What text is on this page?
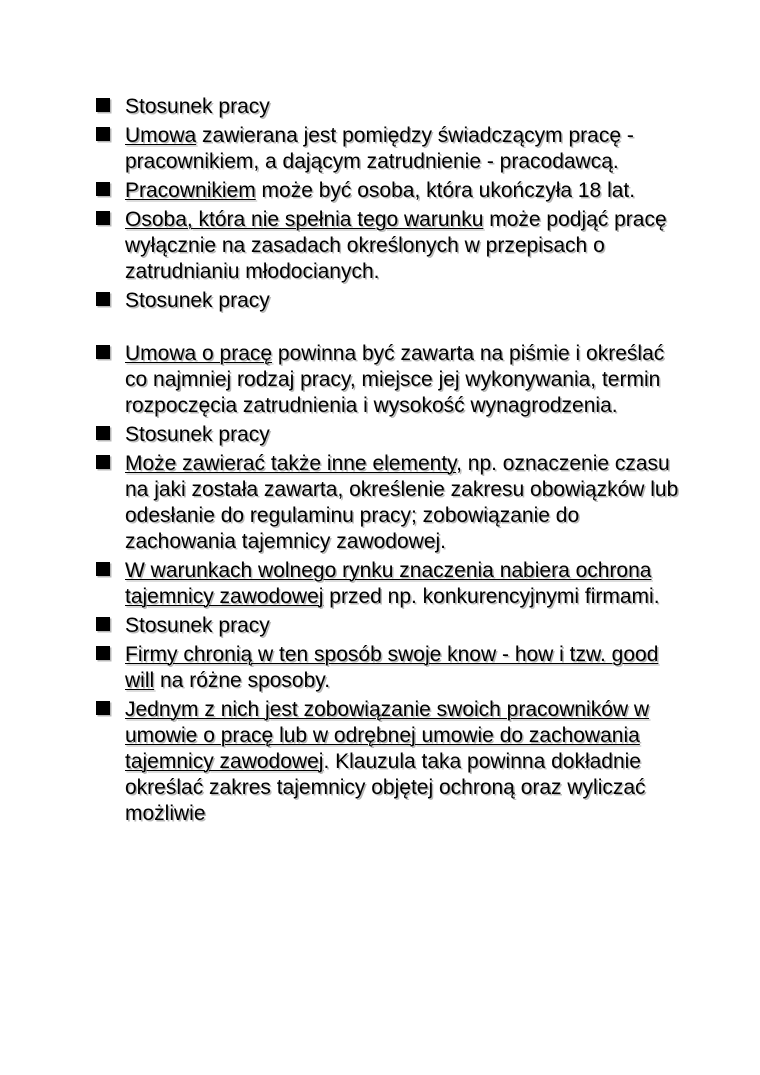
Stosunek pracy
Umowa zawierana jest pomiędzy świadczącym pracę - pracownikiem, a dającym zatrudnienie - pracodawcą.
Pracownikiem może być osoba, która ukończyła 18 lat.
Osoba, która nie spełnia tego warunku może podjąć pracę wyłącznie na zasadach określonych w przepisach o zatrudnianiu młodocianych.
Stosunek pracy
Umowa o pracę powinna być zawarta na piśmie i określać co najmniej rodzaj pracy, miejsce jej wykonywania, termin rozpoczęcia zatrudnienia i wysokość wynagrodzenia.
Stosunek pracy
Może zawierać także inne elementy, np. oznaczenie czasu na jaki została zawarta, określenie zakresu obowiązków lub odesłanie do regulaminu pracy; zobowiązanie do zachowania tajemnicy zawodowej.
W warunkach wolnego rynku znaczenia nabiera ochrona tajemnicy zawodowej przed np. konkurencyjnymi firmami.
Stosunek pracy
Firmy chronią w ten sposób swoje know - how i tzw. good will na różne sposoby.
Jednym z nich jest zobowiązanie swoich pracowników w umowie o pracę lub w odrębnej umowie do zachowania tajemnicy zawodowej. Klauzula taka powinna dokładnie określać zakres tajemnicy objętej ochroną oraz wyliczać możliwie
